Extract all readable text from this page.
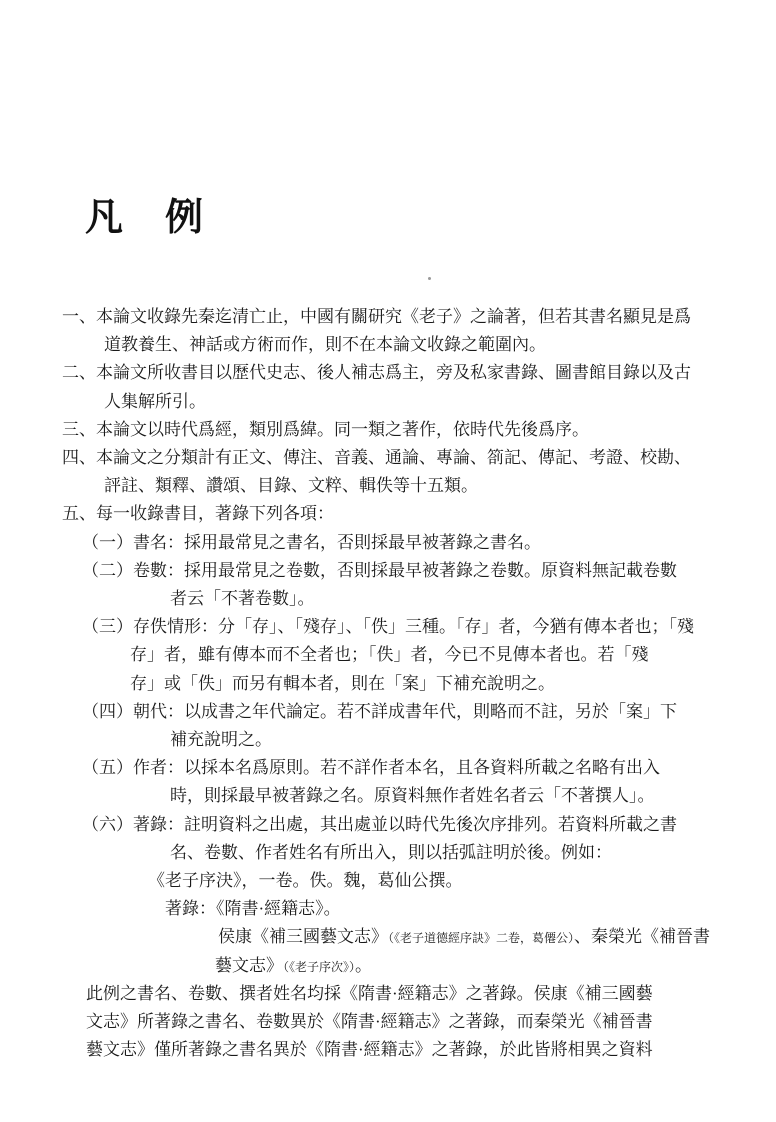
凡　例
一、本論文收錄先秦迄清亡止，中國有關研究《老子》之論著，但若其書名顯見是爲
道教養生、神話或方術而作，則不在本論文收錄之範圍內。
二、本論文所收書目以歷代史志、後人補志爲主，旁及私家書錄、圖書館目錄以及古
人集解所引。
三、本論文以時代爲經，類別爲緯。同一類之著作，依時代先後爲序。
四、本論文之分類計有正文、傳注、音義、通論、專論、箚記、傳記、考證、校勘、
評註、類釋、讚頌、目錄、文粹、輯佚等十五類。
五、每一收錄書目，著錄下列各項：
（一）書名：採用最常見之書名，否則採最早被著錄之書名。
（二）卷數：採用最常見之卷數，否則採最早被著錄之卷數。原資料無記載卷數
者云「不著卷數」。
（三）存佚情形：分「存」、「殘存」、「佚」三種。「存」者，今猶有傳本者也；「殘
存」者，雖有傳本而不全者也；「佚」者，今已不見傳本者也。若「殘
存」或「佚」而另有輯本者，則在「案」下補充說明之。
（四）朝代：以成書之年代論定。若不詳成書年代，則略而不註，另於「案」下
補充說明之。
（五）作者：以採本名爲原則。若不詳作者本名，且各資料所載之名略有出入
時，則採最早被著錄之名。原資料無作者姓名者云「不著撰人」。
（六）著錄：註明資料之出處，其出處並以時代先後次序排列。若資料所載之書
名、卷數、作者姓名有所出入，則以括弧註明於後。例如：
《老子序決》，一卷。佚。魏，葛仙公撰。
著錄：《隋書·經籍志》。
侯康《補三國藝文志》（《老子道德經序訣》二卷，葛僊公）、秦榮光《補晉書
藝文志》（《老子序次》）。
此例之書名、卷數、撰者姓名均採《隋書·經籍志》之著錄。侯康《補三國藝
文志》所著錄之書名、卷數異於《隋書·經籍志》之著錄，而秦榮光《補晉書
藝文志》僅所著錄之書名異於《隋書·經籍志》之著錄，於此皆將相異之資料
